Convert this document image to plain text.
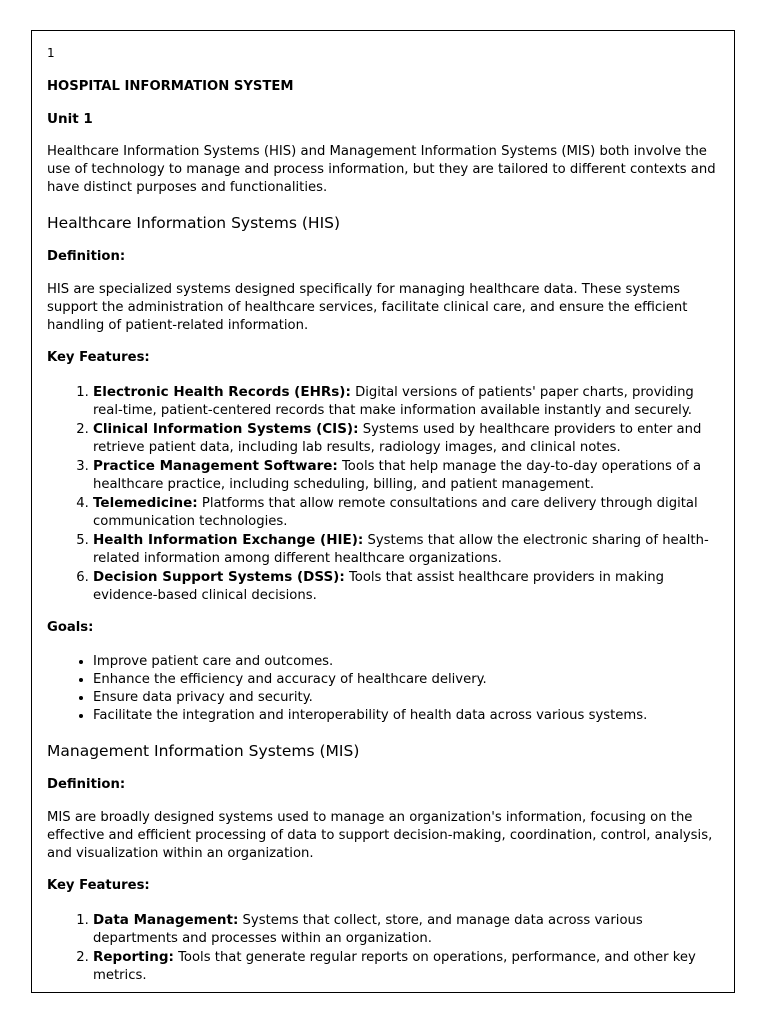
1
HOSPITAL INFORMATION SYSTEM
Unit 1

Healthcare Information Systems (HIS) and Management Information Systems (MIS) both involve the use of technology to manage and process information, but they are tailored to different contexts and have distinct purposes and functionalities.

Healthcare Information Systems (HIS)
Definition:

HIS are specialized systems designed specifically for managing healthcare data. These systems support the administration of healthcare services, facilitate clinical care, and ensure the efficient handling of patient-related information.

Key Features:
1. Electronic Health Records (EHRs): Digital versions of patients' paper charts, providing real-time, patient-centered records that make information available instantly and securely.
2. Clinical Information Systems (CIS): Systems used by healthcare providers to enter and retrieve patient data, including lab results, radiology images, and clinical notes.
3. Practice Management Software: Tools that help manage the day-to-day operations of a healthcare practice, including scheduling, billing, and patient management.
4. Telemedicine: Platforms that allow remote consultations and care delivery through digital communication technologies.
5. Health Information Exchange (HIE): Systems that allow the electronic sharing of health-related information among different healthcare organizations.
6. Decision Support Systems (DSS): Tools that assist healthcare providers in making evidence-based clinical decisions.
Goals:
• Improve patient care and outcomes.
• Enhance the efficiency and accuracy of healthcare delivery.
• Ensure data privacy and security.
• Facilitate the integration and interoperability of health data across various systems.
Management Information Systems (MIS)
Definition:

MIS are broadly designed systems used to manage an organization's information, focusing on the effective and efficient processing of data to support decision-making, coordination, control, analysis, and visualization within an organization.

Key Features:
1. Data Management: Systems that collect, store, and manage data across various departments and processes within an organization.
2. Reporting: Tools that generate regular reports on operations, performance, and other key metrics.
